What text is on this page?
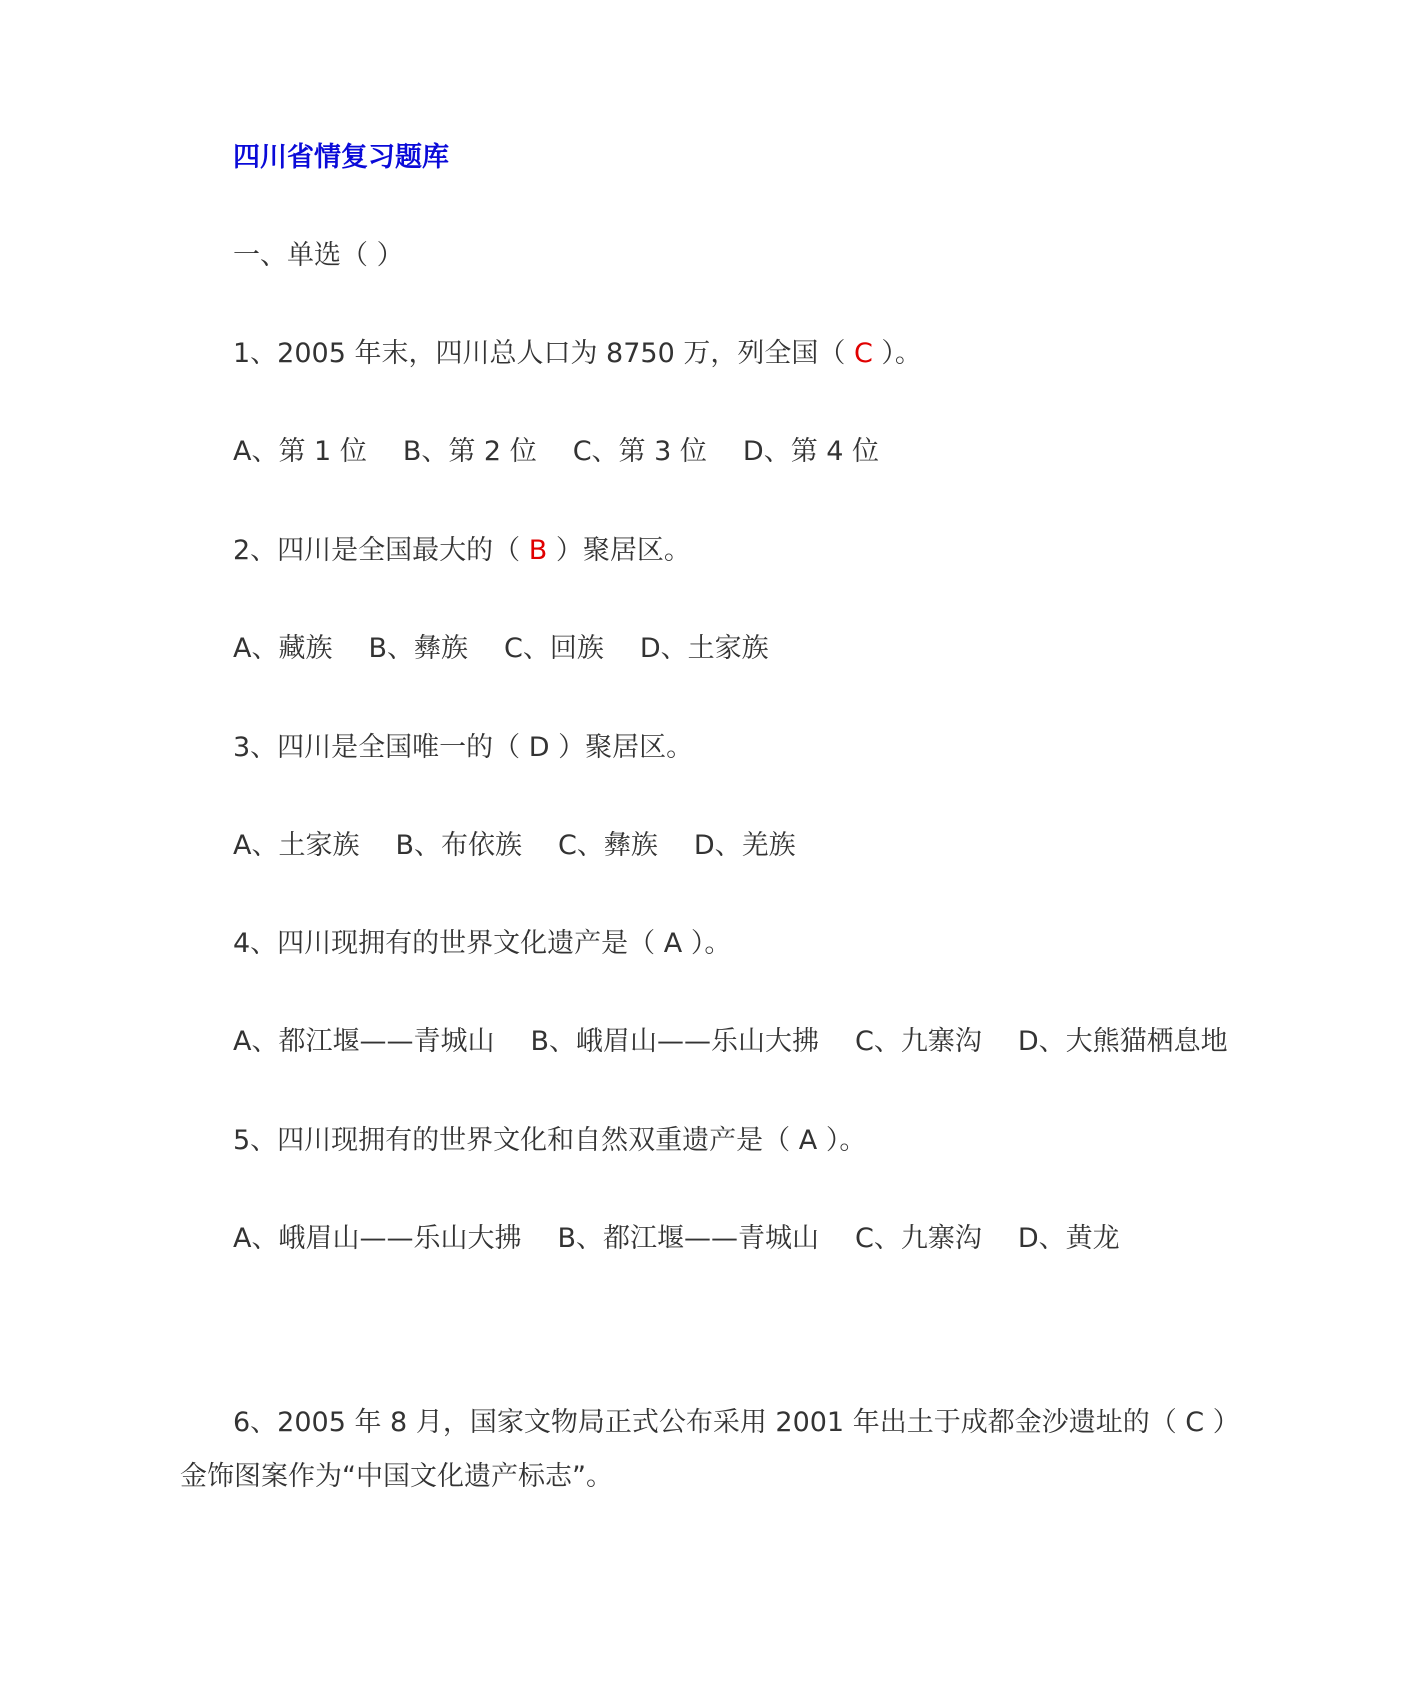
四川省情复习题库
一、单选（ ）
1、2005 年末，四川总人口为 8750 万，列全国（ C ）。
A、第 1 位 B、第 2 位 C、第 3 位 D、第 4 位
2、四川是全国最大的（ B ）聚居区。
A、藏族 B、彝族 C、回族 D、土家族
3、四川是全国唯一的（ D ）聚居区。
A、土家族 B、布依族 C、彝族 D、羌族
4、四川现拥有的世界文化遗产是（ A ）。
A、都江堰——青城山 B、峨眉山——乐山大拂 C、九寨沟 D、大熊猫栖息地
5、四川现拥有的世界文化和自然双重遗产是（ A ）。
A、峨眉山——乐山大拂 B、都江堰——青城山 C、九寨沟 D、黄龙
6、2005 年 8 月，国家文物局正式公布采用 2001 年出土于成都金沙遗址的（ C ）金饰图案作为“中国文化遗产标志”。
